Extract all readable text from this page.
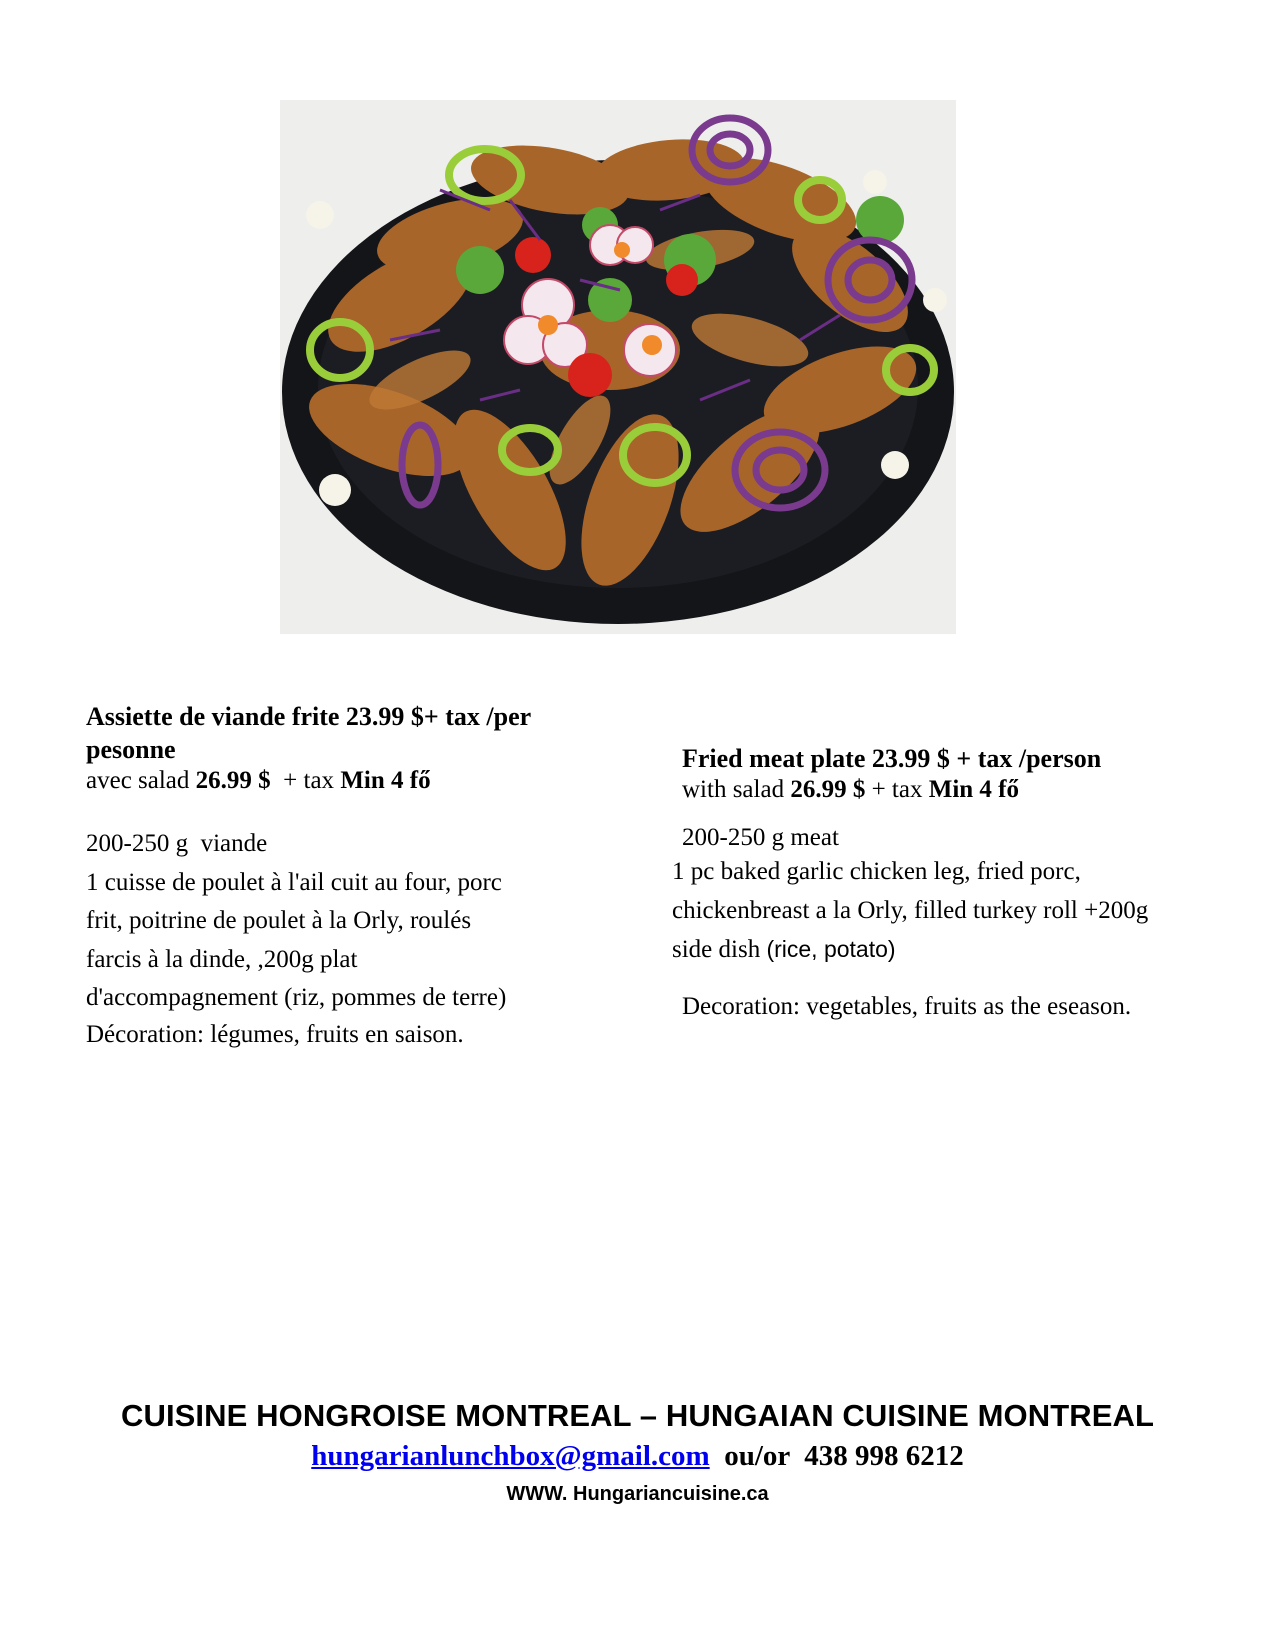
Assiette de viande frite 23.99 $+ tax /per pesonne

avec salad 26.99 $  + tax Min 4 fő

200-250 g  viande

1 cuisse de poulet à l'ail cuit au four, porc frit, poitrine de poulet à la Orly, roulés farcis à la dinde, ,200g plat d'accompagnement (riz, pommes de terre)

Décoration: légumes, fruits en saison.

Fried meat plate 23.99 $ + tax /person

with salad 26.99 $ + tax Min 4 fő

200-250 g meat

1 pc baked garlic chicken leg, fried porc, chickenbreast a la Orly, filled turkey roll +200g side dish (rice, potato)

Decoration: vegetables, fruits as the eseason.

CUISINE HONGROISE MONTREAL – HUNGAIAN CUISINE MONTREAL
hungarianlunchbox@gmail.com  ou/or  438 998 6212
WWW. Hungariancuisine.ca
